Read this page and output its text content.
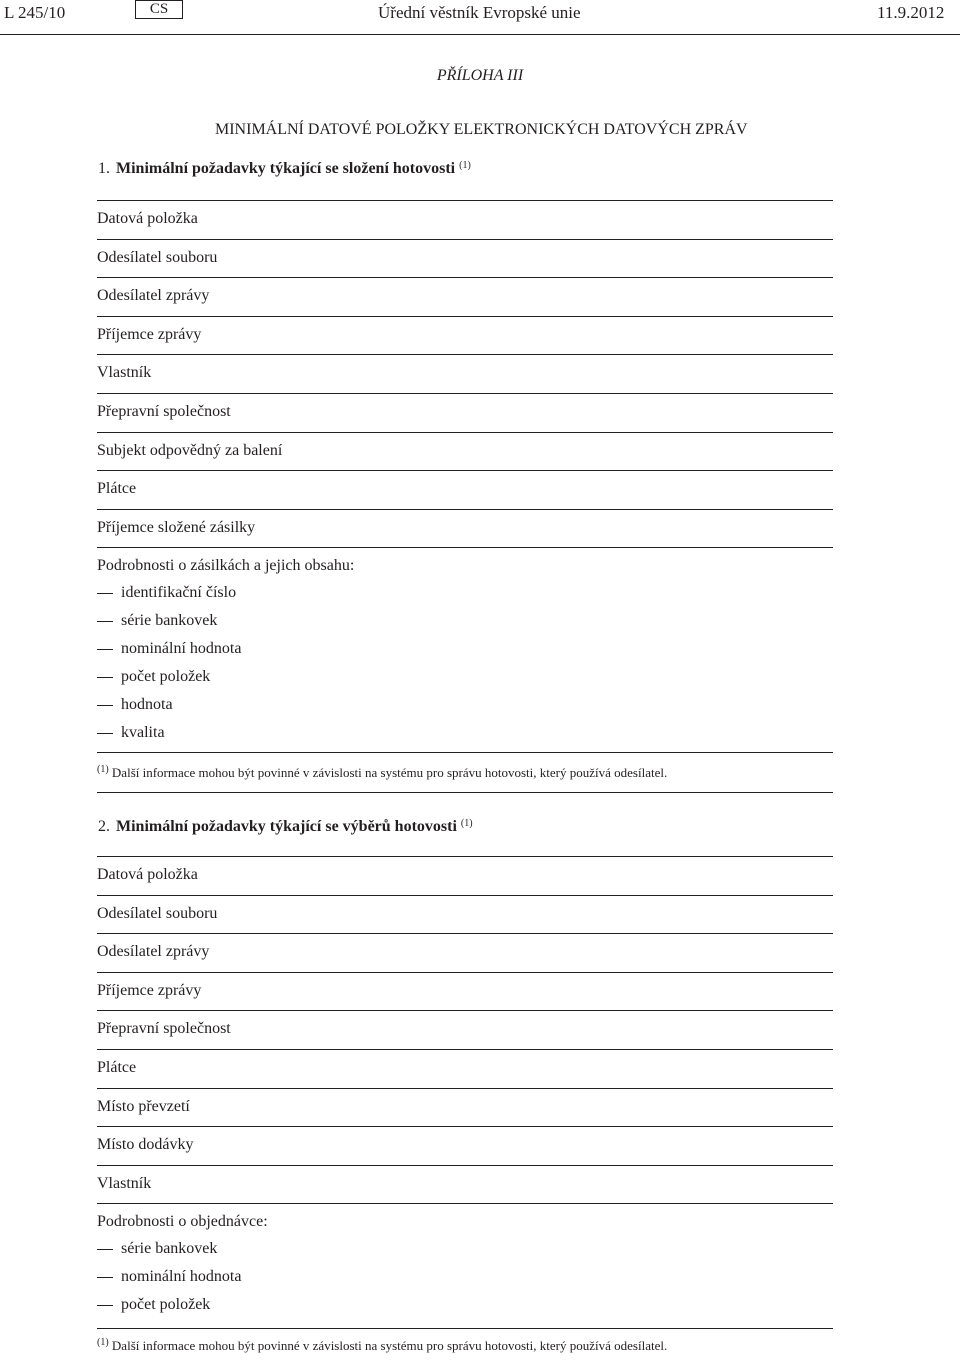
L 245/10	CS	Úřední věstník Evropské unie	11.9.2012
PŘÍLOHA III
MINIMÁLNÍ DATOVÉ POLOŽKY ELEKTRONICKÝCH DATOVÝCH ZPRÁV
1. Minimální požadavky týkající se složení hotovosti $^{(1)}$
Datová položka
Odesílatel souboru
Odesílatel zprávy
Příjemce zprávy
Vlastník
Přepravní společnost
Subjekt odpovědný za balení
Plátce
Příjemce složené zásilky
Podrobnosti o zásilkách a jejich obsahu:
identifikační číslo
série bankovek
nominální hodnota
počet položek
hodnota
kvalita
$^{(1)}$ Další informace mohou být povinné v závislosti na systému pro správu hotovosti, který používá odesílatel.
2. Minimální požadavky týkající se výběrů hotovosti $^{(1)}$
Datová položka
Odesílatel souboru
Odesílatel zprávy
Příjemce zprávy
Přepravní společnost
Plátce
Místo převzetí
Místo dodávky
Vlastník
Podrobnosti o objednávce:
série bankovek
nominální hodnota
počet položek
$^{(1)}$ Další informace mohou být povinné v závislosti na systému pro správu hotovosti, který používá odesílatel.
